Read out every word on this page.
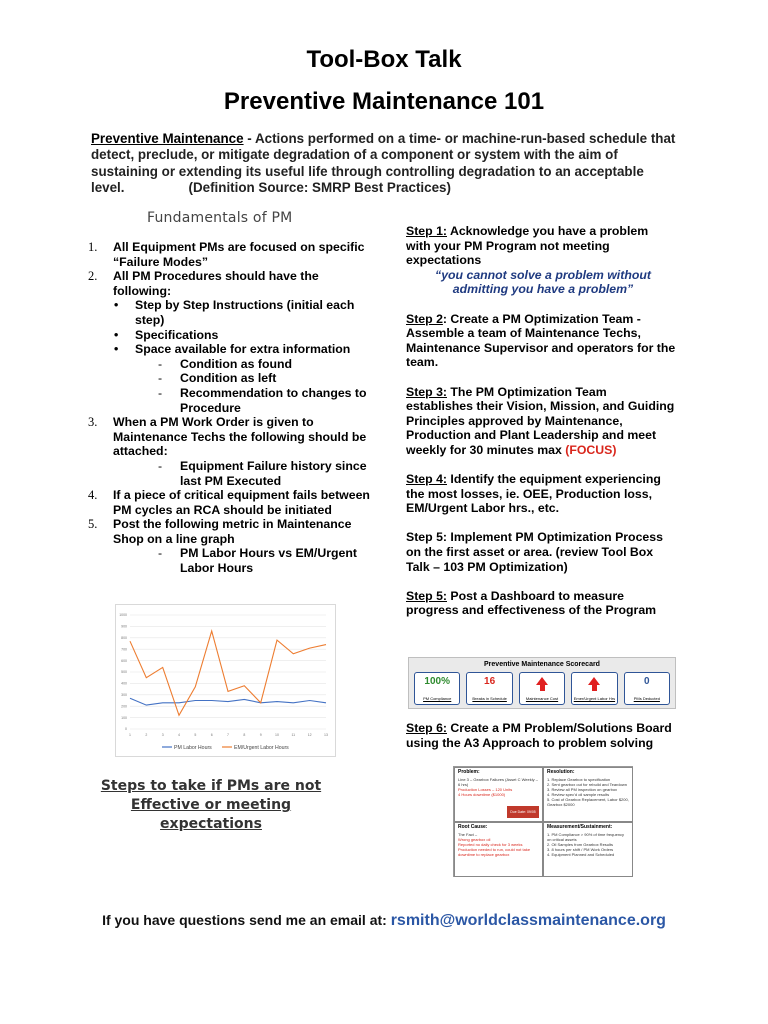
Tool-Box Talk
Preventive Maintenance 101
Preventive Maintenance - Actions performed on a time- or machine-run-based schedule that detect, preclude, or mitigate degradation of a component or system with the aim of sustaining or extending its useful life through controlling degradation to an acceptable level.	(Definition Source: SMRP Best Practices)
Fundamentals of PM
1. All Equipment PMs are focused on specific “Failure Modes”
2. All PM Procedures should have the following:
• Step by Step Instructions (initial each step)
• Specifications
• Space available for extra information
- Condition as found
- Condition as left
- Recommendation to changes to Procedure
3. When a PM Work Order is given to Maintenance Techs the following should be attached:
- Equipment Failure history since last PM Executed
4. If a piece of critical equipment fails between PM cycles an RCA should be initiated
5. Post the following metric in Maintenance Shop on a line graph
- PM Labor Hours vs EM/Urgent Labor Hours
0
100
200
300
400
500
600
700
800
900
1000
1	2	3	4	5	6	7	8	9	10	11	12	13
PM Labor Hours	EM/Urgent Labor Hours
Steps to take if PMs are not Effective or meeting expectations
Step 1: Acknowledge you have a problem with your PM Program not meeting expectations
“you cannot solve a problem without admitting you have a problem”
Step 2: Create a PM Optimization Team - Assemble a team of Maintenance Techs, Maintenance Supervisor and operators for the team.
Step 3: The PM Optimization Team establishes their Vision, Mission, and Guiding Principles approved by Maintenance, Production and Plant Leadership and meet weekly for 30 minutes max (FOCUS)
Step 4: Identify the equipment experiencing the most losses, ie. OEE, Production loss, EM/Urgent Labor hrs., etc.
Step 5: Implement PM Optimization Process on the first asset or area. (review Tool Box Talk – 103 PM Optimization)
Step 5: Post a Dashboard to measure progress and effectiveness of the Program
Preventive Maintenance Scorecard
100%
PM Compliance
16
Breaks in Schedule	Maintenance Cost	Emer/Urgent Labor Hrs
0
PMs Deducted
Step 6: Create a PM Problem/Solutions Board using the A3 Approach to problem solving
Problem:
Line 3 – Gearbox Failures (Asset C Weekly – 6 hrs)
Production Losses – 120 Units
4 Hours downtime ($1000)
Due Date: 09/05
Resolution:
1. Replace Gearbox to specification
2. Sent gearbox out for rebuild and Teardown
3. Review all PM inspection on gearbox
4. Review spec'd oil sample results
5. Cost of Gearbox Replacement, Labor $200, Gearbox $2000
Root Cause:
The Fact –
Wrong gearbox oil
Reported no daily check for 3 weeks
Production needed to run, could not take downtime to replace gearbox
Measurement/Sustainment:
1. PM Compliance > 90% of time frequency on critical assets
2. Oil Samples from Gearbox Results
3. 8 hours per shift / PM Work Orders
4. Equipment Planned and Scheduled
If you have questions send me an email at: rsmith@worldclassmaintenance.org
